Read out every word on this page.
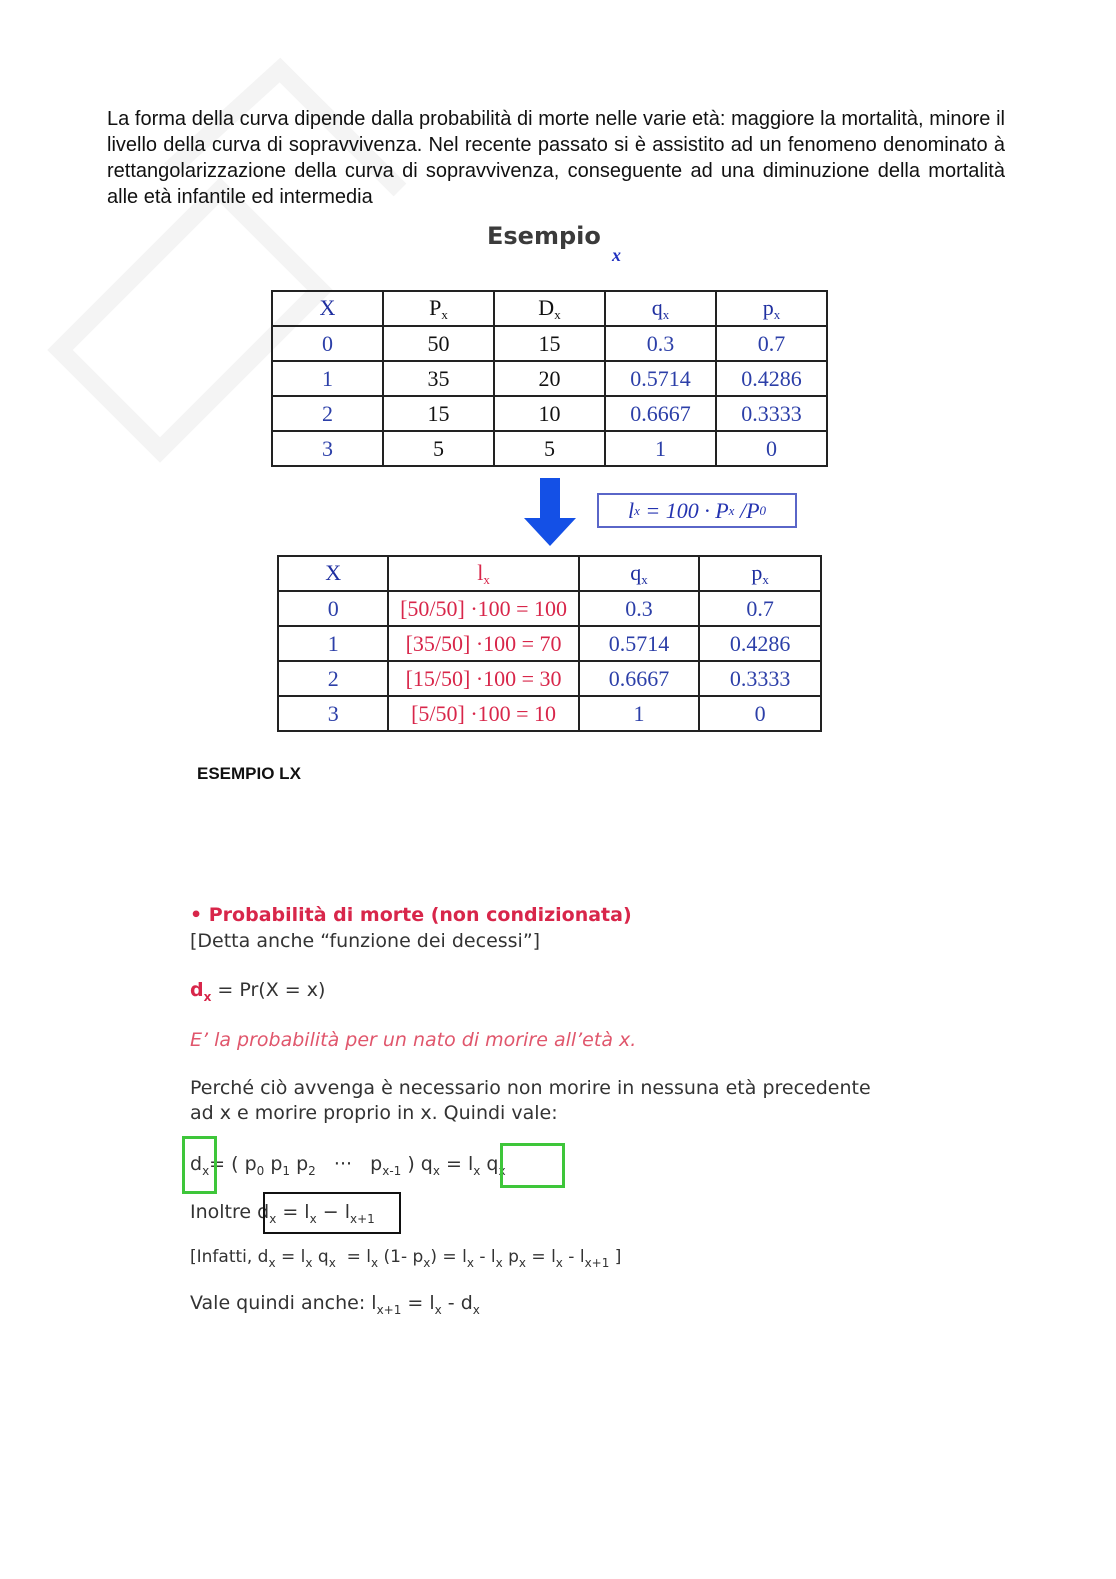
La forma della curva dipende dalla probabilità di morte nelle varie età: maggiore la mortalità, minore il livello della curva di sopravvivenza. Nel recente passato si è assistito ad un fenomeno denominato à rettangolarizzazione della curva di sopravvivenza, conseguente ad una diminuzione della mortalità alle età infantile ed intermedia

Esempio
x
X	$P_x$	$D_x$	$q_x$	$p_x$
0	50	15	0.3	0.7
1	35	20	0.5714	0.4286
2	15	10	0.6667	0.3333
3	5	5	1	0
l x = 100 · P x /P 0
X	$l_x$	$q_x$	$p_x$
0	[50/50] ·100 = 100	0.3	0.7
1	[35/50] ·100 = 70	0.5714	0.4286
2	[15/50] ·100 = 30	0.6667	0.3333
3	[5/50] ·100 = 10	1	0
ESEMPIO LX
• Probabilità di morte (non condizionata)
[Detta anche “funzione dei decessi”]
$d_x = Pr(X = x)$
E’ la probabilità per un nato di morire all’età x.
Perché ciò avvenga è necessario non morire in nessuna età precedente
ad x e morire proprio in x. Quindi vale:
$d_x=$ ( $p_0$ $p_1$ $p_2$   ···   $p_{x-1}$ ) $q_x = l_x$ $q_x$
Inoltre $d_x = l_x - l_{x+1}$
[Infatti, $d_x = l_x$ $q_x = l_x$ (1- $p_x) = l_x - l_x$ $p_x = l_x - l_{x+1}$ ]
Vale quindi anche: $l_{x+1} = l_x - d_x$
